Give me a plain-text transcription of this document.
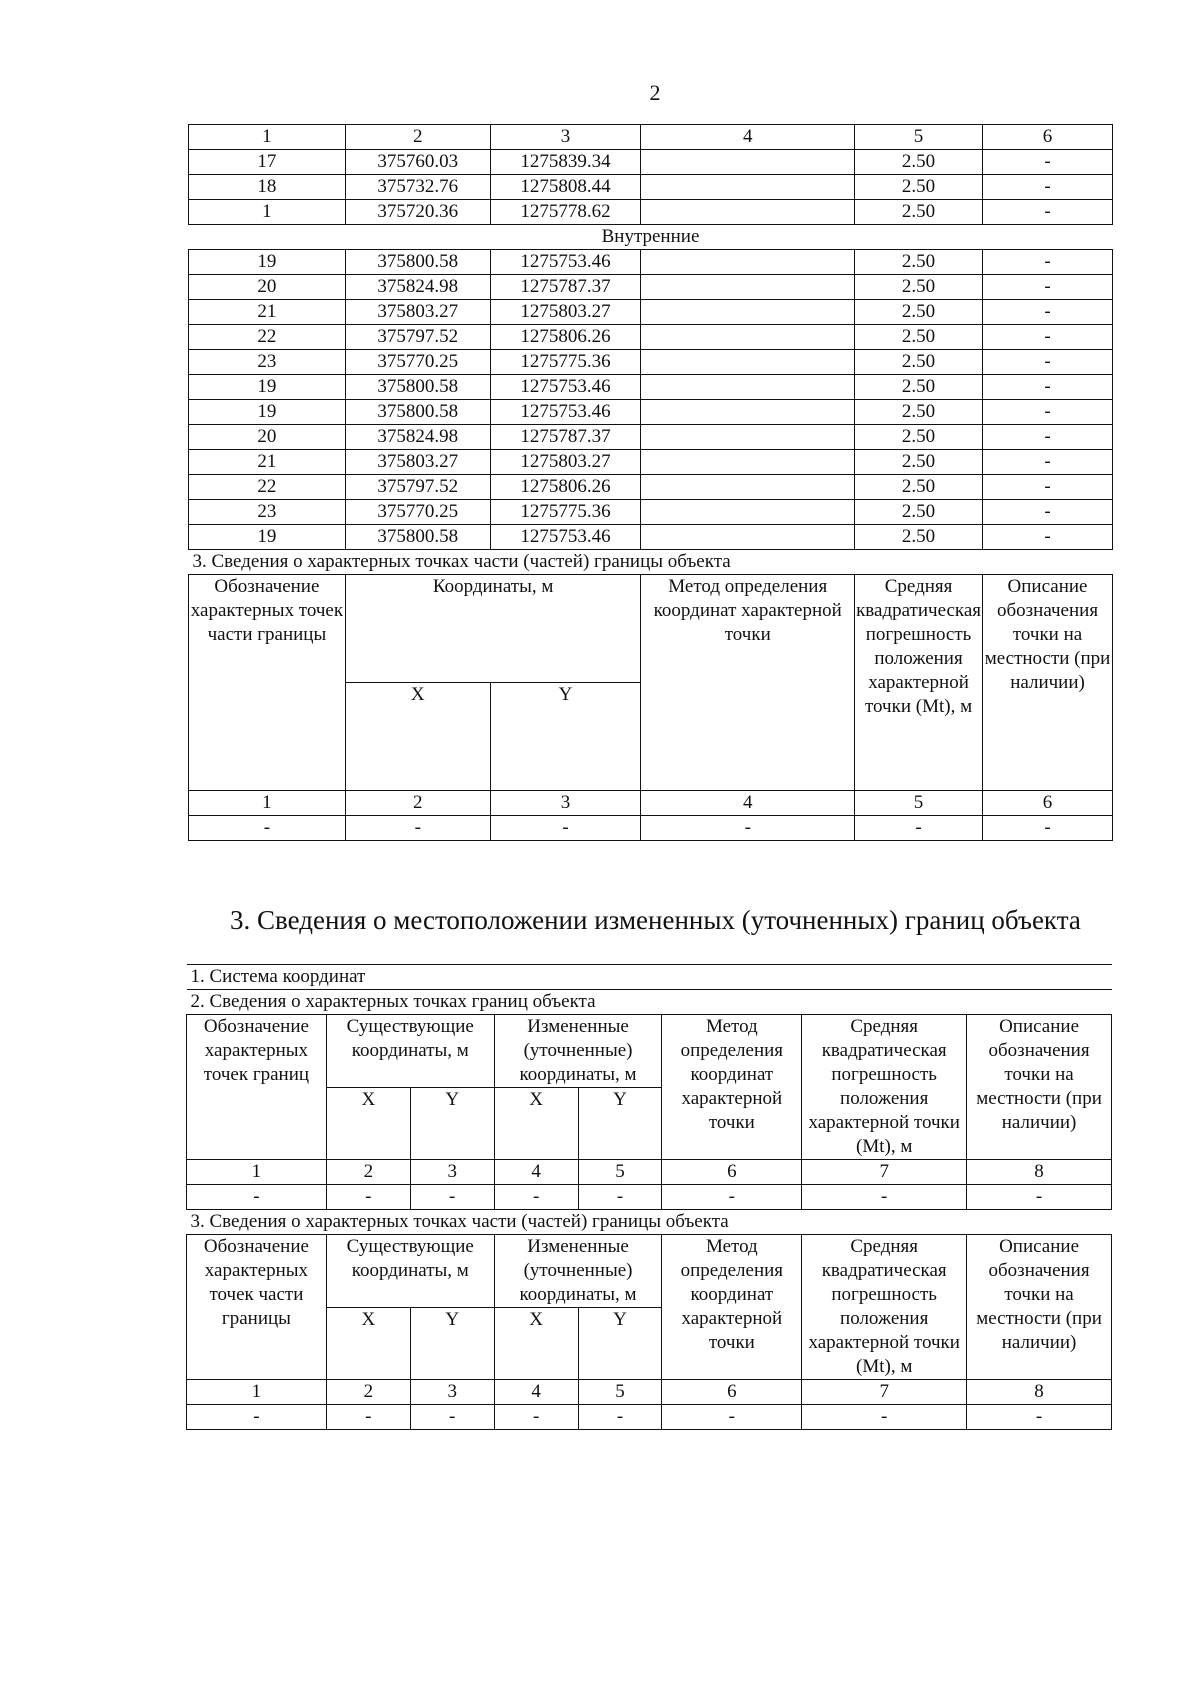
2
1	2	3	4	5	6
17	375760.03	1275839.34		2.50	-
18	375732.76	1275808.44		2.50	-
1	375720.36	1275778.62		2.50	-
Внутренние					
19	375800.58	1275753.46		2.50	-
20	375824.98	1275787.37		2.50	-
21	375803.27	1275803.27		2.50	-
22	375797.52	1275806.26		2.50	-
23	375770.25	1275775.36		2.50	-
19	375800.58	1275753.46		2.50	-
19	375800.58	1275753.46		2.50	-
20	375824.98	1275787.37		2.50	-
21	375803.27	1275803.27		2.50	-
22	375797.52	1275806.26		2.50	-
23	375770.25	1275775.36		2.50	-
19	375800.58	1275753.46		2.50	-
3. Сведения о характерных точках части (частей) границы объекта					
Обозначение характерных точек части границы	Координаты, м		Метод определения координат характерной точки	Средняя квадратическая погрешность положения характерной точки (Mt), м	Описание обозначения точки на местности (при наличии)
	X	Y			
1	2	3	4	5	6
-	-	-	-	-	-
3. Сведения о местоположении измененных (уточненных) границ объекта
1. Система координат							
2. Сведения о характерных точках границ объекта							
Обозначение характерных точек границ	Существующие координаты, м		Измененные (уточненные) координаты, м		Метод определения координат характерной точки	Средняя квадратическая погрешность положения характерной точки (Mt), м	Описание обозначения точки на местности (при наличии)
	X	Y	X	Y			
1	2	3	4	5	6	7	8
-	-	-	-	-	-	-	-
3. Сведения о характерных точках части (частей) границы объекта							
Обозначение характерных точек части границы	Существующие координаты, м		Измененные (уточненные) координаты, м		Метод определения координат характерной точки	Средняя квадратическая погрешность положения характерной точки (Mt), м	Описание обозначения точки на местности (при наличии)
	X	Y	X	Y			
1	2	3	4	5	6	7	8
-	-	-	-	-	-	-	-
